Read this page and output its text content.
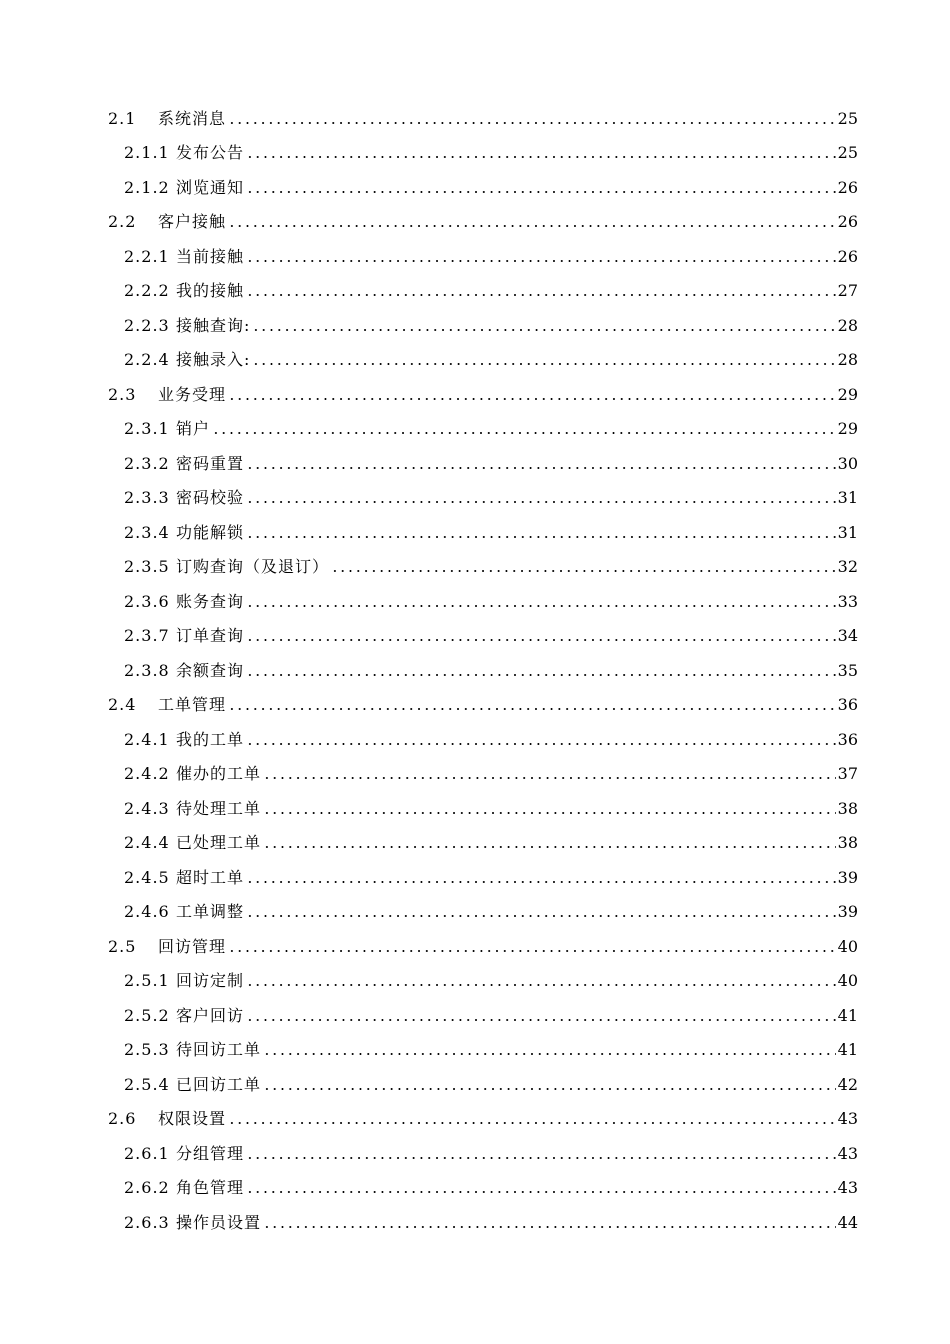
2.1	系统消息	25
2.1.1 发布公告	25
2.1.2 浏览通知	26
2.2	客户接触	26
2.2.1 当前接触	26
2.2.2 我的接触	27
2.2.3 接触查询:	28
2.2.4 接触录入:	28
2.3	业务受理	29
2.3.1 销户	29
2.3.2 密码重置	30
2.3.3 密码校验	31
2.3.4 功能解锁	31
2.3.5 订购查询（及退订）	32
2.3.6 账务查询	33
2.3.7 订单查询	34
2.3.8 余额查询	35
2.4	工单管理	36
2.4.1 我的工单	36
2.4.2 催办的工单	37
2.4.3 待处理工单	38
2.4.4 已处理工单	38
2.4.5 超时工单	39
2.4.6 工单调整	39
2.5	回访管理	40
2.5.1 回访定制	40
2.5.2 客户回访	41
2.5.3 待回访工单	41
2.5.4 已回访工单	42
2.6	权限设置	43
2.6.1 分组管理	43
2.6.2 角色管理	43
2.6.3 操作员设置	44
